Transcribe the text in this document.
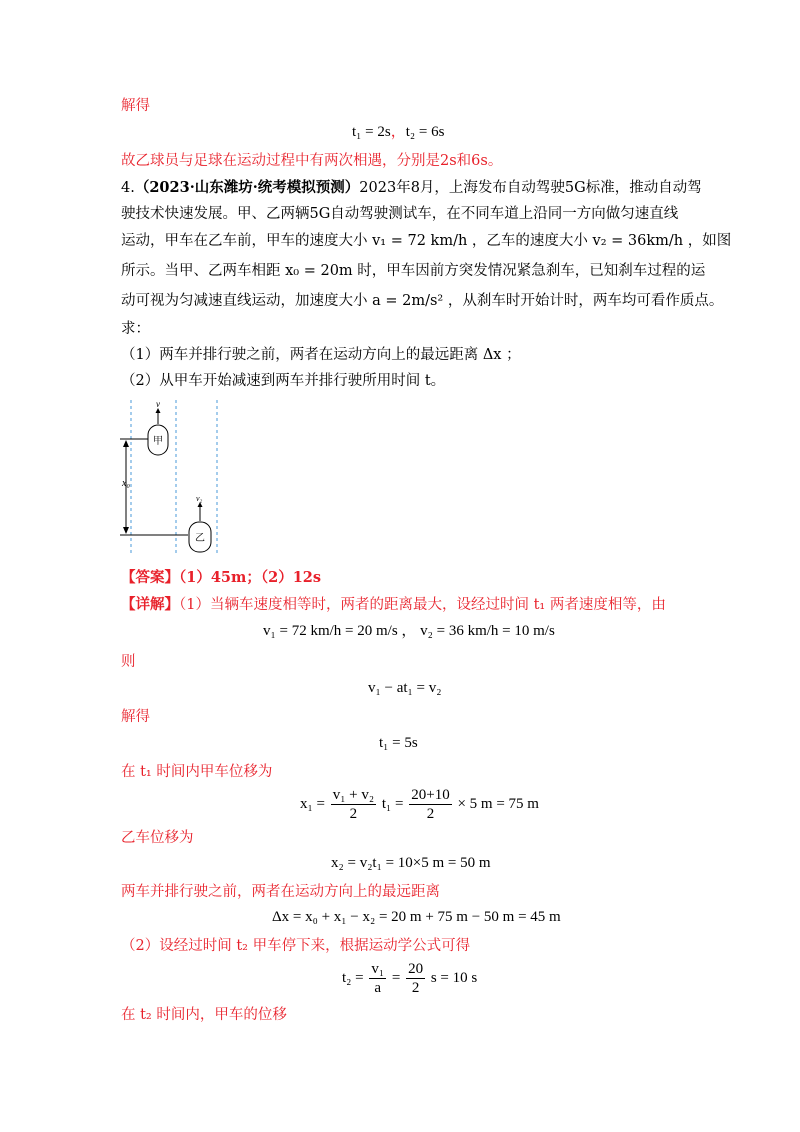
解得
t₁ = 2s，t₂ = 6s
故乙球员与足球在运动过程中有两次相遇，分别是2s和6s。
4.（2023·山东潍坊·统考模拟预测）2023年8月，上海发布自动驾驶5G标准，推动自动驾
驶技术快速发展。甲、乙两辆5G自动驾驶测试车，在不同车道上沿同一方向做匀速直线
运动，甲车在乙车前，甲车的速度大小 v₁ = 72 km/h ，乙车的速度大小 v₂ = 36km/h ，如图
所示。当甲、乙两车相距 x₀ = 20m 时，甲车因前方突发情况紧急刹车，已知刹车过程的运
动可视为匀减速直线运动，加速度大小 a = 2m/s² ，从刹车时开始计时，两车均可看作质点。
求：
（1）两车并排行驶之前，两者在运动方向上的最远距离 Δx ；
（2）从甲车开始减速到两车并排行驶所用时间 t。
x₀
甲
v
乙
v₂
【答案】（1）45m；（2）12s
【详解】（1）当辆车速度相等时，两者的距离最大，设经过时间 t₁ 两者速度相等，由
v₁ = 72 km/h = 20 m/s ， v₂ = 36 km/h = 10 m/s
则
v₁ − at₁ = v₂
解得
t₁ = 5s
在 t₁ 时间内甲车位移为
$x_1 = \frac{\text{v₁ + v₂}}{2} t_1 = \frac{20+10}{2} \times 5$ m = 75 m
乙车位移为
x₂ = v₂t₁ = 10×5 m = 50 m
两车并排行驶之前，两者在运动方向上的最远距离
Δx = x₀ + x₁ − x₂ = 20 m + 75 m − 50 m = 45 m
（2）设经过时间 t₂ 甲车停下来，根据运动学公式可得
$t_2 = \frac{\text{v₁}}{a} = \frac{20}{2}$ s = 10 s
在 t₂ 时间内，甲车的位移
